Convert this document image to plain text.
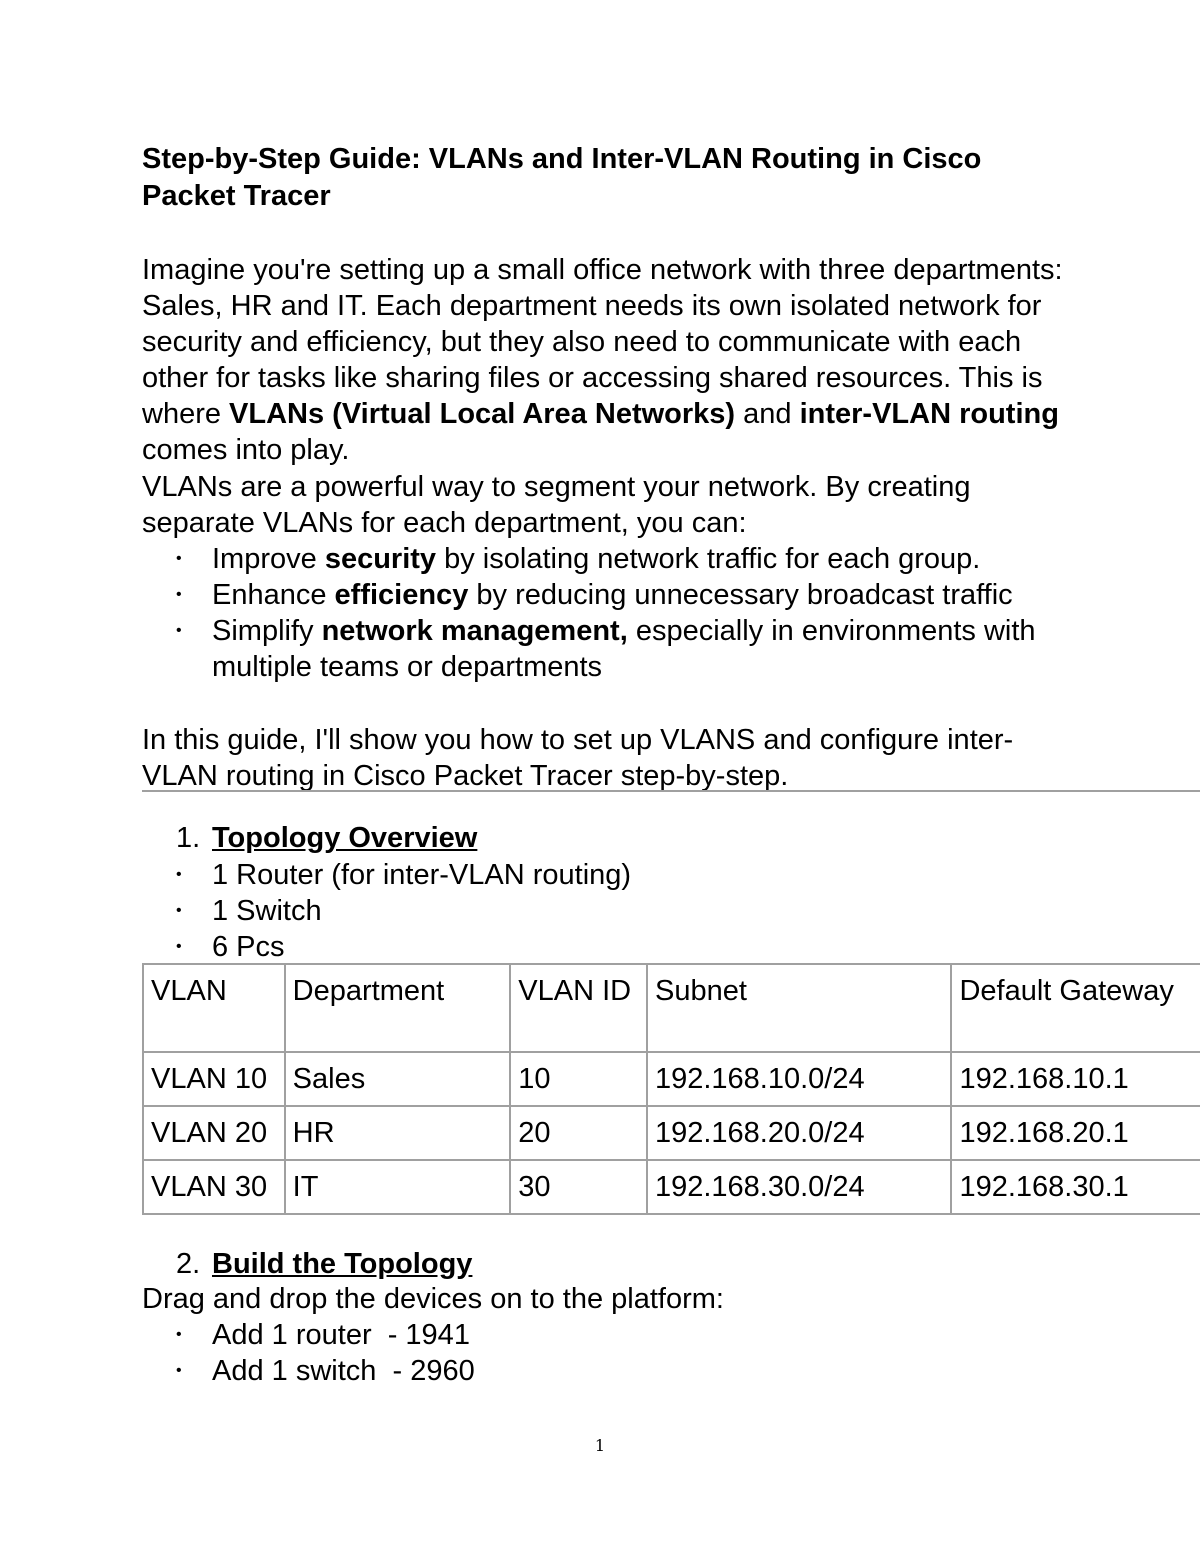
Step-by-Step Guide: VLANs and Inter-VLAN Routing in Cisco Packet Tracer

Imagine you're setting up a small office network with three departments: Sales, HR and IT. Each department needs its own isolated network for security and efficiency, but they also need to communicate with each other for tasks like sharing files or accessing shared resources. This is where VLANs (Virtual Local Area Networks) and inter-VLAN routing comes into play.

VLANs are a powerful way to segment your network. By creating separate VLANs for each department, you can:

• Improve security by isolating network traffic for each group.
• Enhance efficiency by reducing unnecessary broadcast traffic
• Simplify network management, especially in environments with multiple teams or departments

In this guide, I'll show you how to set up VLANS and configure inter-VLAN routing in Cisco Packet Tracer step-by-step.

1. Topology Overview

• 1 Router (for inter-VLAN routing)
• 1 Switch
• 6 Pcs
VLAN	Department	VLAN ID	Subnet	Default Gateway
VLAN 10	Sales	10	192.168.10.0/24	192.168.10.1
VLAN 20	HR	20	192.168.20.0/24	192.168.20.1
VLAN 30	IT	30	192.168.30.0/24	192.168.30.1

2. Build the Topology

Drag and drop the devices on to the platform:

• Add 1 router  - 1941
• Add 1 switch  - 2960
1
